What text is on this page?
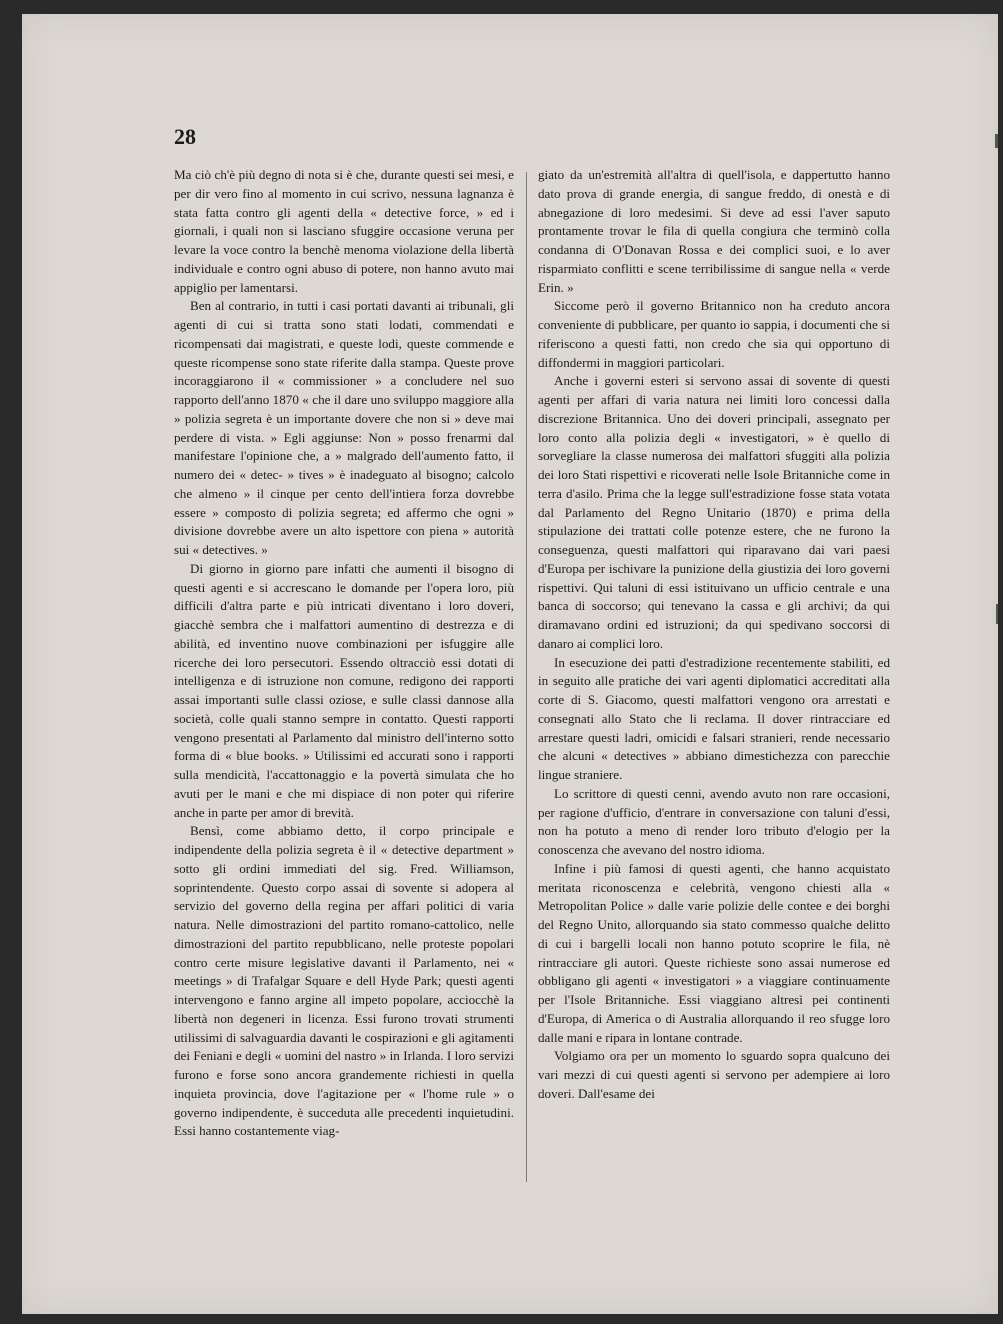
28

Ma ciò ch'è più degno di nota si è che, durante questi sei mesi, e per dir vero fino al momento in cui scrivo, nessuna lagnanza è stata fatta contro gli agenti della « detective force, » ed i giornali, i quali non si lasciano sfuggire occasione veruna per levare la voce contro la benchè menoma violazione della libertà individuale e contro ogni abuso di potere, non hanno avuto mai appiglio per lamentarsi.

Ben al contrario, in tutti i casi portati davanti ai tribunali, gli agenti di cui si tratta sono stati lodati, commendati e ricompensati dai magistrati, e queste lodi, queste commende e queste ricompense sono state riferite dalla stampa. Queste prove incoraggiarono il « commissioner » a concludere nel suo rapporto dell'anno 1870 « che il dare uno sviluppo maggiore alla » polizia segreta è un importante dovere che non si » deve mai perdere di vista. » Egli aggiunse: Non » posso frenarmi dal manifestare l'opinione che, a » malgrado dell'aumento fatto, il numero dei « detec- » tives » è inadeguato al bisogno; calcolo che almeno » il cinque per cento dell'intiera forza dovrebbe essere » composto di polizia segreta; ed affermo che ogni » divisione dovrebbe avere un alto ispettore con piena » autorità sui « detectives. »

Di giorno in giorno pare infatti che aumenti il bisogno di questi agenti e si accrescano le domande per l'opera loro, più difficili d'altra parte e più intricati diventano i loro doveri, giacchè sembra che i malfattori aumentino di destrezza e di abilità, ed inventino nuove combinazioni per isfuggire alle ricerche dei loro persecutori. Essendo oltracciò essi dotati di intelligenza e di istruzione non comune, redigono dei rapporti assai importanti sulle classi oziose, e sulle classi dannose alla società, colle quali stanno sempre in contatto. Questi rapporti vengono presentati al Parlamento dal ministro dell'interno sotto forma di « blue books. » Utilissimi ed accurati sono i rapporti sulla mendicità, l'accattonaggio e la povertà simulata che ho avuti per le mani e che mi dispiace di non poter qui riferire anche in parte per amor di brevità.

Bensì, come abbiamo detto, il corpo principale e indipendente della polizia segreta è il « detective department » sotto gli ordini immediati del sig. Fred. Williamson, soprintendente. Questo corpo assai di sovente si adopera al servizio del governo della regina per affari politici di varia natura. Nelle dimostrazioni del partito romano-cattolico, nelle dimostrazioni del partito repubblicano, nelle proteste popolari contro certe misure legislative davanti il Parlamento, nei « meetings » di Trafalgar Square e dell Hyde Park; questi agenti intervengono e fanno argine all impeto popolare, acciocchè la libertà non degeneri in licenza. Essi furono trovati strumenti utilissimi di salvaguardia davanti le cospirazioni e gli agitamenti dei Feniani e degli « uomini del nastro » in Irlanda. I loro servizi furono e forse sono ancora grandemente richiesti in quella inquieta provincia, dove l'agitazione per « l'home rule » o governo indipendente, è succeduta alle precedenti inquietudini. Essi hanno costantemente viag-

giato da un'estremità all'altra di quell'isola, e dappertutto hanno dato prova di grande energia, di sangue freddo, di onestà e di abnegazione di loro medesimi. Si deve ad essi l'aver saputo prontamente trovar le fila di quella congiura che terminò colla condanna di O'Donavan Rossa e dei complici suoi, e lo aver risparmiato conflitti e scene terribilissime di sangue nella « verde Erin. »

Siccome però il governo Britannico non ha creduto ancora conveniente di pubblicare, per quanto io sappia, i documenti che si riferiscono a questi fatti, non credo che sia qui opportuno di diffondermi in maggiori particolari.

Anche i governi esteri si servono assai di sovente di questi agenti per affari di varia natura nei limiti loro concessi dalla discrezione Britannica. Uno dei doveri principali, assegnato per loro conto alla polizia degli « investigatori, » è quello di sorvegliare la classe numerosa dei malfattori sfuggiti alla polizia dei loro Stati rispettivi e ricoverati nelle Isole Britanniche come in terra d'asilo. Prima che la legge sull'estradizione fosse stata votata dal Parlamento del Regno Unitario (1870) e prima della stipulazione dei trattati colle potenze estere, che ne furono la conseguenza, questi malfattori qui riparavano dai vari paesi d'Europa per ischivare la punizione della giustizia dei loro governi rispettivi. Qui taluni di essi istituivano un ufficio centrale e una banca di soccorso; qui tenevano la cassa e gli archivi; da qui diramavano ordini ed istruzioni; da qui spedivano soccorsi di danaro ai complici loro.

In esecuzione dei patti d'estradizione recentemente stabiliti, ed in seguito alle pratiche dei vari agenti diplomatici accreditati alla corte di S. Giacomo, questi malfattori vengono ora arrestati e consegnati allo Stato che li reclama. Il dover rintracciare ed arrestare questi ladri, omicidi e falsari stranieri, rende necessario che alcuni « detectives » abbiano dimestichezza con parecchie lingue straniere.

Lo scrittore di questi cenni, avendo avuto non rare occasioni, per ragione d'ufficio, d'entrare in conversazione con taluni d'essi, non ha potuto a meno di render loro tributo d'elogio per la conoscenza che avevano del nostro idioma.

Infine i più famosi di questi agenti, che hanno acquistato meritata riconoscenza e celebrità, vengono chiesti alla « Metropolitan Police » dalle varie polizie delle contee e dei borghi del Regno Unito, allorquando sia stato commesso qualche delitto di cui i bargelli locali non hanno potuto scoprire le fila, nè rintracciare gli autori. Queste richieste sono assai numerose ed obbligano gli agenti « investigatori » a viaggiare continuamente per l'Isole Britanniche. Essi viaggiano altresì pei continenti d'Europa, di America o di Australia allorquando il reo sfugge loro dalle mani e ripara in lontane contrade.

Volgiamo ora per un momento lo sguardo sopra qualcuno dei vari mezzi di cui questi agenti si servono per adempiere ai loro doveri. Dall'esame dei
